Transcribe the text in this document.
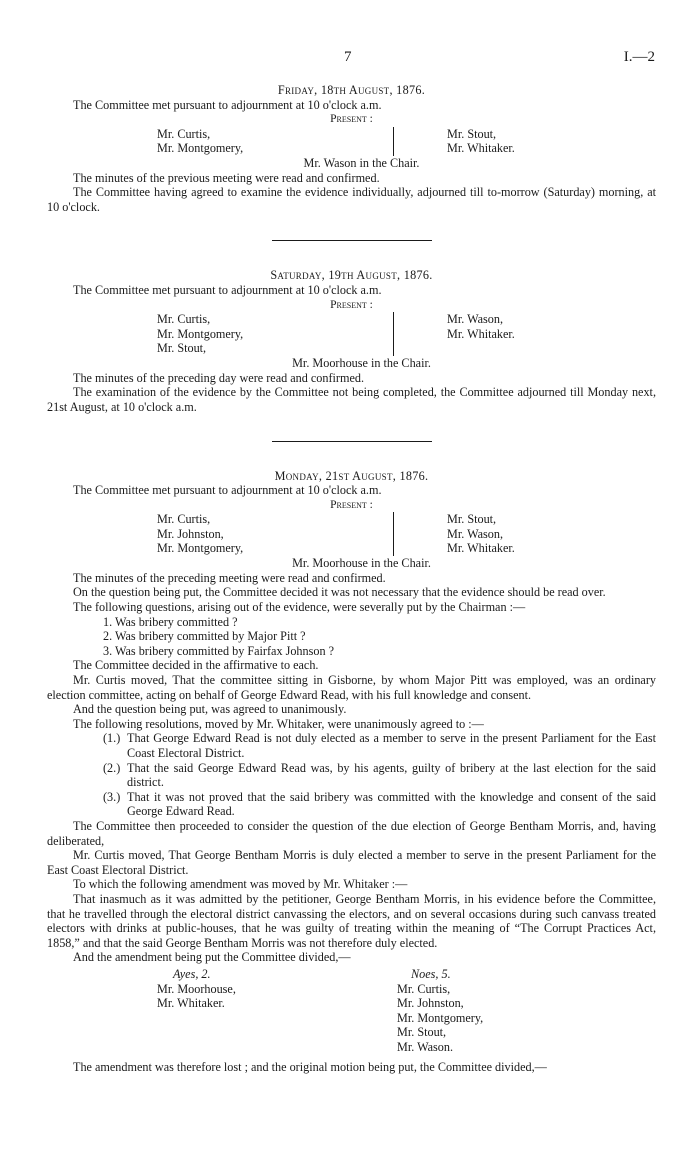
7	I.—2
Friday, 18th August, 1876.

The Committee met pursuant to adjournment at 10 o'clock a.m.

Present :
Mr. Curtis,
Mr. Montgomery,
Mr. Stout,
Mr. Whitaker.
Mr. Wason in the Chair.

The minutes of the previous meeting were read and confirmed.

The Committee having agreed to examine the evidence individually, adjourned till to-morrow (Saturday) morning, at 10 o'clock.

Saturday, 19th August, 1876.

The Committee met pursuant to adjournment at 10 o'clock a.m.

Present :
Mr. Curtis,
Mr. Montgomery,
Mr. Stout,
Mr. Wason,
Mr. Whitaker.
Mr. Moorhouse in the Chair.

The minutes of the preceding day were read and confirmed.

The examination of the evidence by the Committee not being completed, the Committee adjourned till Monday next, 21st August, at 10 o'clock a.m.

Monday, 21st August, 1876.

The Committee met pursuant to adjournment at 10 o'clock a.m.

Present :
Mr. Curtis,
Mr. Johnston,
Mr. Montgomery,
Mr. Stout,
Mr. Wason,
Mr. Whitaker.
Mr. Moorhouse in the Chair.

The minutes of the preceding meeting were read and confirmed.

On the question being put, the Committee decided it was not necessary that the evidence should be read over.

The following questions, arising out of the evidence, were severally put by the Chairman :—

1. Was bribery committed ?
2. Was bribery committed by Major Pitt ?
3. Was bribery committed by Fairfax Johnson ?

The Committee decided in the affirmative to each.

Mr. Curtis moved, That the committee sitting in Gisborne, by whom Major Pitt was employed, was an ordinary election committee, acting on behalf of George Edward Read, with his full knowledge and consent.

And the question being put, was agreed to unanimously.

The following resolutions, moved by Mr. Whitaker, were unanimously agreed to :—

(1.) That George Edward Read is not duly elected as a member to serve in the present Parliament for the East Coast Electoral District.
(2.) That the said George Edward Read was, by his agents, guilty of bribery at the last election for the said district.
(3.) That it was not proved that the said bribery was committed with the knowledge and consent of the said George Edward Read.

The Committee then proceeded to consider the question of the due election of George Bentham Morris, and, having deliberated,

Mr. Curtis moved, That George Bentham Morris is duly elected a member to serve in the present Parliament for the East Coast Electoral District.

To which the following amendment was moved by Mr. Whitaker :—

That inasmuch as it was admitted by the petitioner, George Bentham Morris, in his evidence before the Committee, that he travelled through the electoral district canvassing the electors, and on several occasions during such canvass treated electors with drinks at public-houses, that he was guilty of treating within the meaning of “The Corrupt Practices Act, 1858,” and that the said George Bentham Morris was not therefore duly elected.

And the amendment being put the Committee divided,—

Ayes, 2.
Mr. Moorhouse,
Mr. Whitaker.
Noes, 5.
Mr. Curtis,
Mr. Johnston,
Mr. Montgomery,
Mr. Stout,
Mr. Wason.

The amendment was therefore lost ; and the original motion being put, the Committee divided,—
